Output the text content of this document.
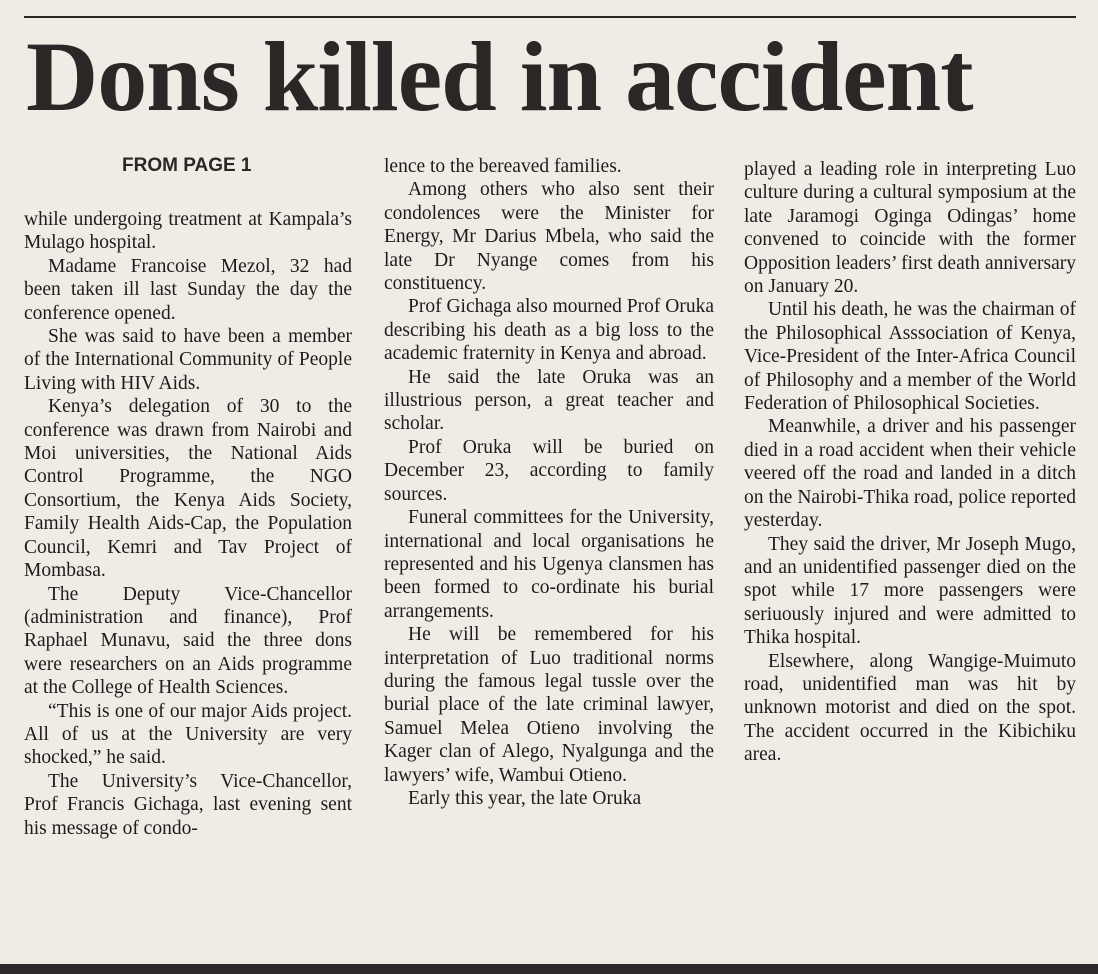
Dons killed in accident
FROM PAGE 1

while undergoing treatment at Kampala’s Mulago hospital.

Madame Francoise Mezol, 32 had been taken ill last Sunday the day the conference opened.

She was said to have been a member of the International Community of People Living with HIV Aids.

Kenya’s delegation of 30 to the conference was drawn from Nairobi and Moi universities, the National Aids Control Programme, the NGO Consortium, the Kenya Aids Society, Family Health Aids-Cap, the Population Council, Kemri and Tav Project of Mombasa.

The Deputy Vice-Chancellor (administration and finance), Prof Raphael Munavu, said the three dons were researchers on an Aids programme at the College of Health Sciences.

“This is one of our major Aids project. All of us at the University are very shocked,” he said.

The University’s Vice-Chancellor, Prof Francis Gichaga, last evening sent his message of condo-

lence to the bereaved families.

Among others who also sent their condolences were the Minister for Energy, Mr Darius Mbela, who said the late Dr Nyange comes from his constituency.

Prof Gichaga also mourned Prof Oruka describing his death as a big loss to the academic fraternity in Kenya and abroad.

He said the late Oruka was an illustrious person, a great teacher and scholar.

Prof Oruka will be buried on December 23, according to family sources.

Funeral committees for the University, international and local organisations he represented and his Ugenya clansmen has been formed to co-ordinate his burial arrangements.

He will be remembered for his interpretation of Luo traditional norms during the famous legal tussle over the burial place of the late criminal lawyer, Samuel Melea Otieno involving the Kager clan of Alego, Nyalgunga and the lawyers’ wife, Wambui Otieno.

Early this year, the late Oruka

played a leading role in interpreting Luo culture during a cultural symposium at the late Jaramogi Oginga Odingas’ home convened to coincide with the former Opposition leaders’ first death anniversary on January 20.

Until his death, he was the chairman of the Philosophical Asssociation of Kenya, Vice-President of the Inter-Africa Council of Philosophy and a member of the World Federation of Philosophical Societies.

Meanwhile, a driver and his passenger died in a road accident when their vehicle veered off the road and landed in a ditch on the Nairobi-Thika road, police reported yesterday.

They said the driver, Mr Joseph Mugo, and an unidentified passenger died on the spot while 17 more passengers were seriuously injured and were admitted to Thika hospital.

Elsewhere, along Wangige-Muimuto road, unidentified man was hit by unknown motorist and died on the spot. The accident occurred in the Kibichiku area.
